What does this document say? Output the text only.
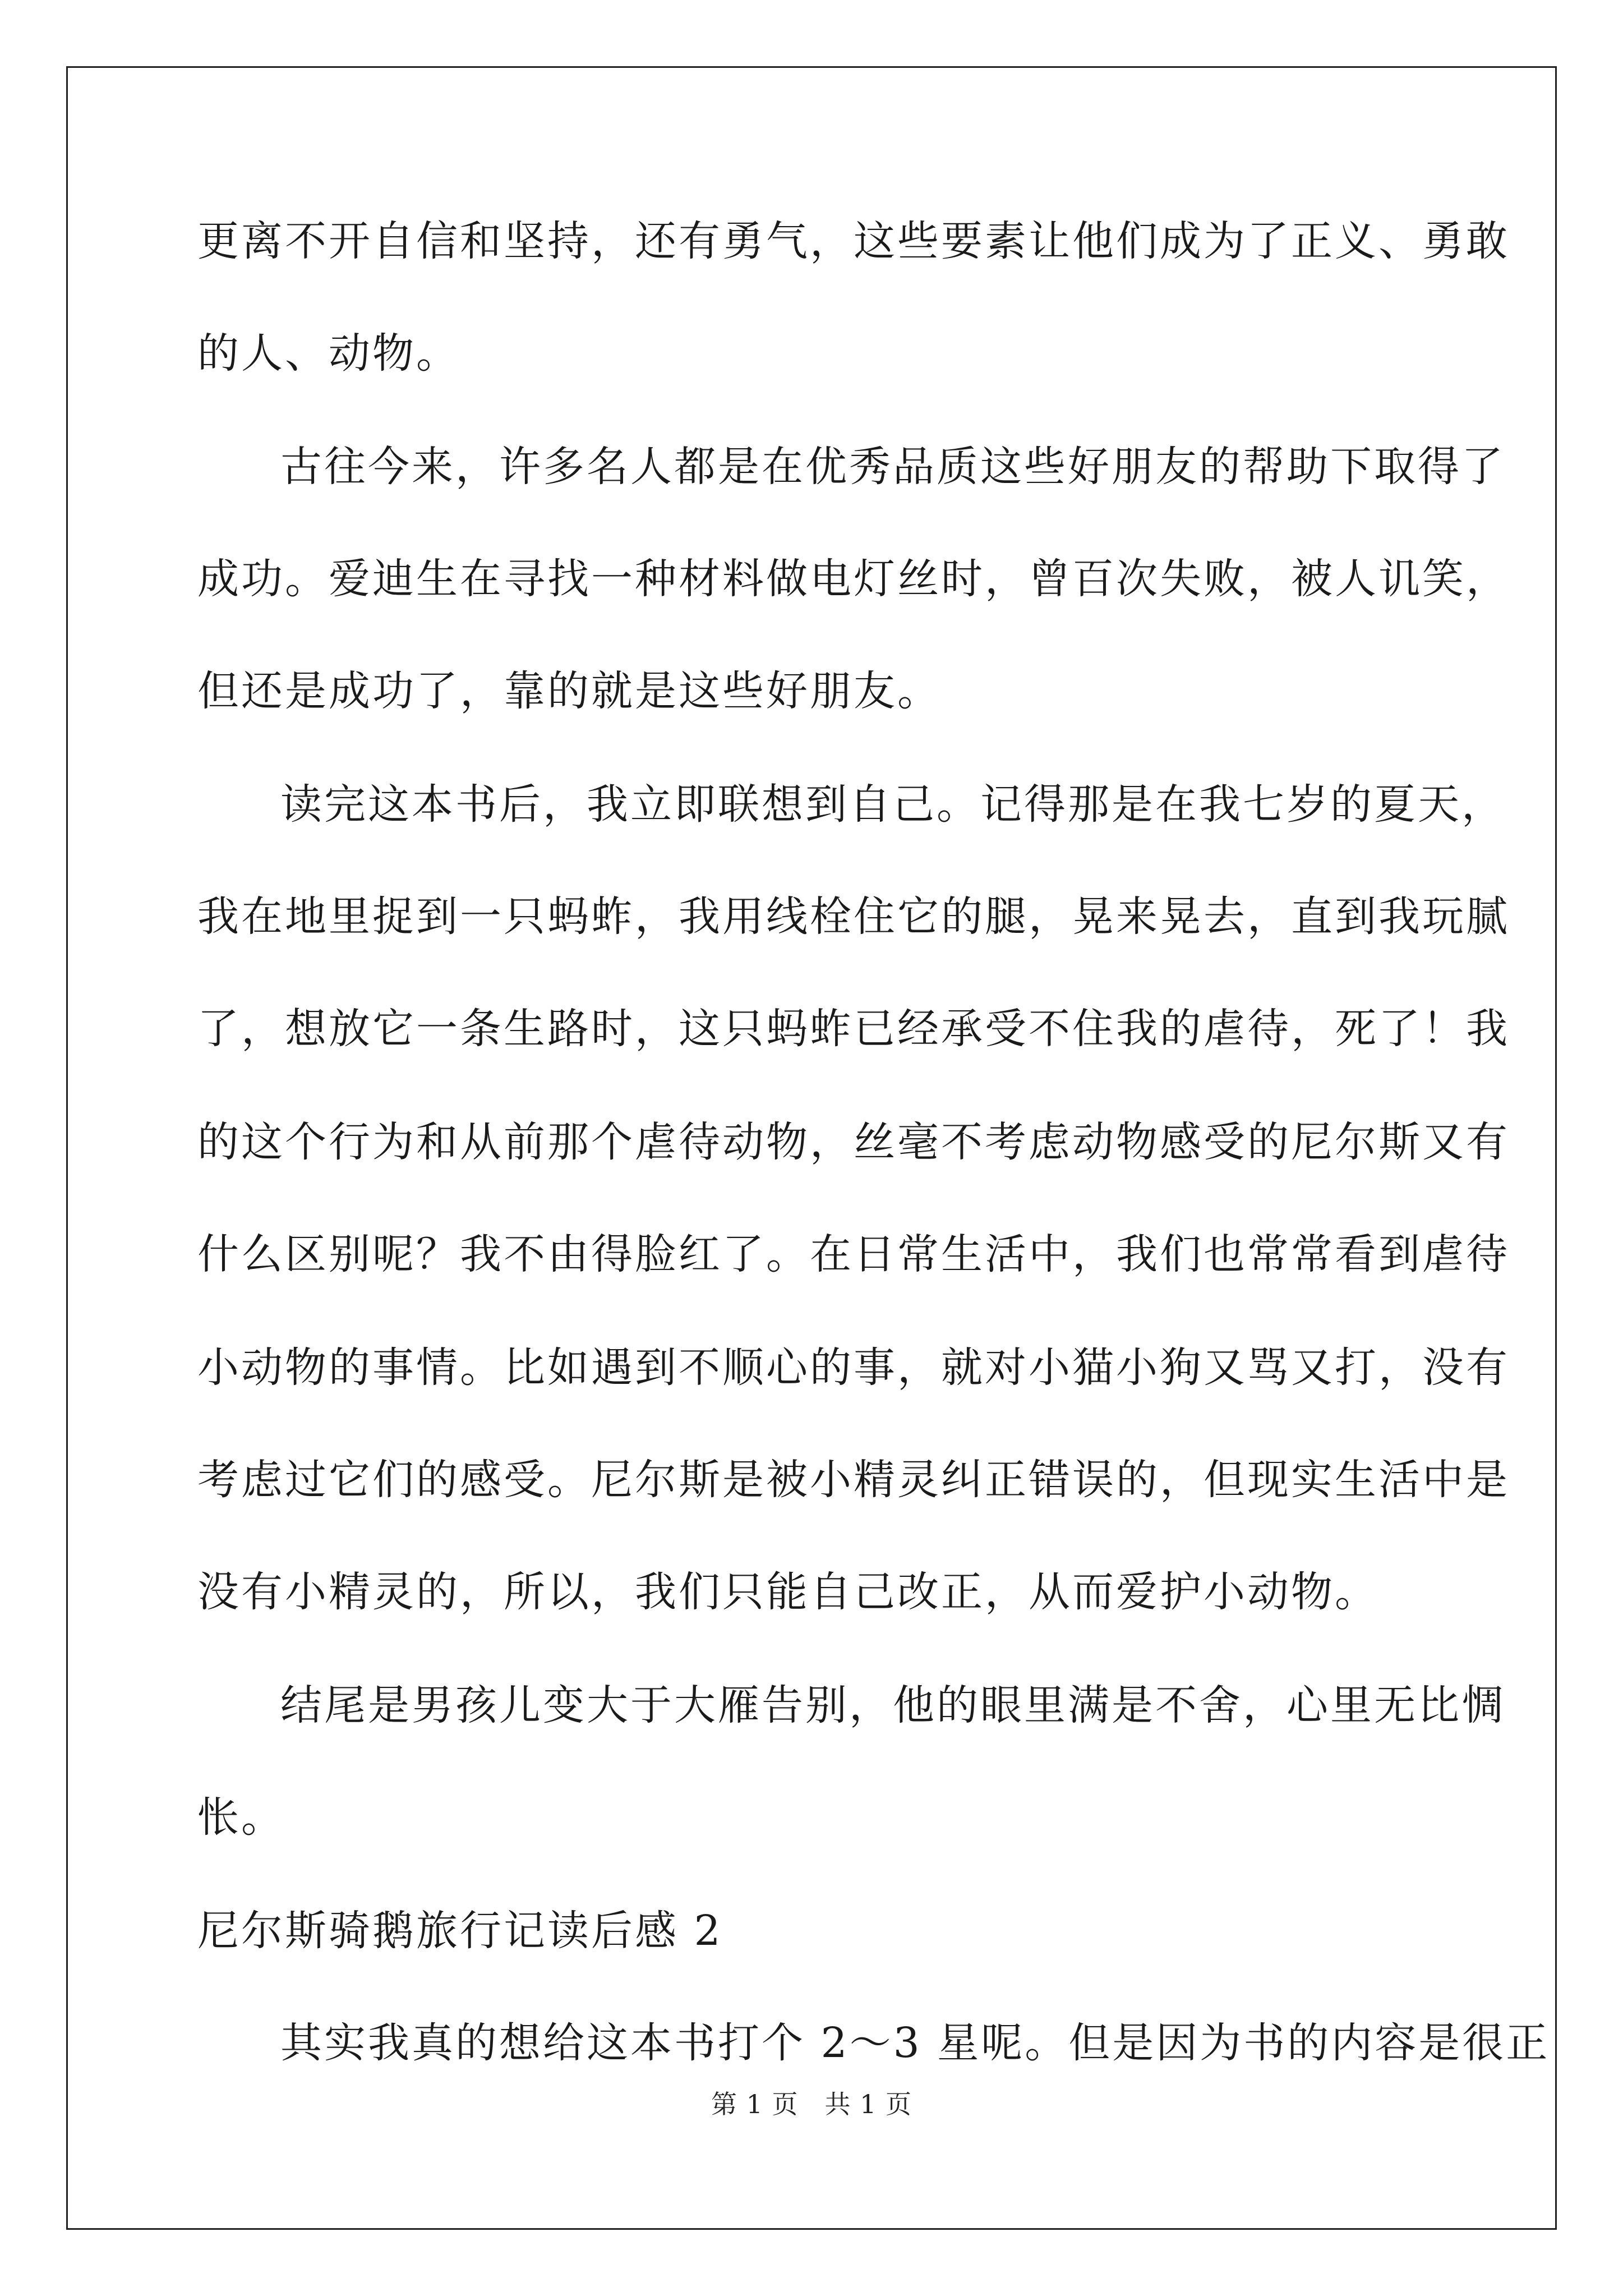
更离不开自信和坚持，还有勇气，这些要素让他们成为了正义、勇敢
的人、动物。
古往今来，许多名人都是在优秀品质这些好朋友的帮助下取得了
成功。爱迪生在寻找一种材料做电灯丝时，曾百次失败，被人讥笑，
但还是成功了，靠的就是这些好朋友。
读完这本书后，我立即联想到自己。记得那是在我七岁的夏天，
我在地里捉到一只蚂蚱，我用线栓住它的腿，晃来晃去，直到我玩腻
了，想放它一条生路时，这只蚂蚱已经承受不住我的虐待，死了！我
的这个行为和从前那个虐待动物，丝毫不考虑动物感受的尼尔斯又有
什么区别呢？我不由得脸红了。在日常生活中，我们也常常看到虐待
小动物的事情。比如遇到不顺心的事，就对小猫小狗又骂又打，没有
考虑过它们的感受。尼尔斯是被小精灵纠正错误的，但现实生活中是
没有小精灵的，所以，我们只能自己改正，从而爱护小动物。
结尾是男孩儿变大于大雁告别，他的眼里满是不舍，心里无比惆
怅。
尼尔斯骑鹅旅行记读后感 2
其实我真的想给这本书打个 2～3 星呢。但是因为书的内容是很正
第 1 页　共 1 页
